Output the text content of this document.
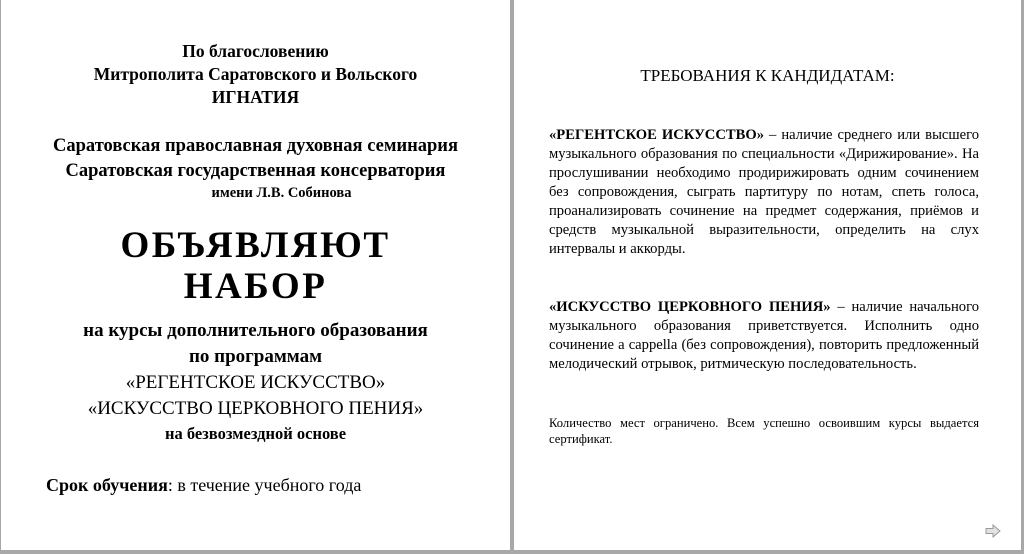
По благословению

Митрополита Саратовского и Вольского

ИГНАТИЯ

Саратовская православная духовная семинария

Саратовская государственная консерватория

имени Л.В. Собинова

ОБЪЯВЛЯЮТ

НАБОР

на курсы дополнительного образования

по программам

«РЕГЕНТСКОЕ ИСКУССТВО»

«ИСКУССТВО ЦЕРКОВНОГО ПЕНИЯ»

на безвозмездной основе

Срок обучения: в течение учебного года

ТРЕБОВАНИЯ К КАНДИДАТАМ:

«РЕГЕНТСКОЕ ИСКУССТВО» – наличие среднего или высшего музыкального образования по специальности «Дирижирование». На прослушивании необходимо продирижировать одним сочинением без сопровождения, сыграть партитуру по нотам, спеть голоса, проанализировать сочинение на предмет содержания, приёмов и средств музыкальной выразительности, определить на слух интервалы и аккорды.

«ИСКУССТВО ЦЕРКОВНОГО ПЕНИЯ» – наличие начального музыкального образования приветствуется. Исполнить одно сочинение a cappella (без сопровождения), повторить предложенный мелодический отрывок, ритмическую последовательность.

Количество мест ограничено. Всем успешно освоившим курсы выдается сертификат.
